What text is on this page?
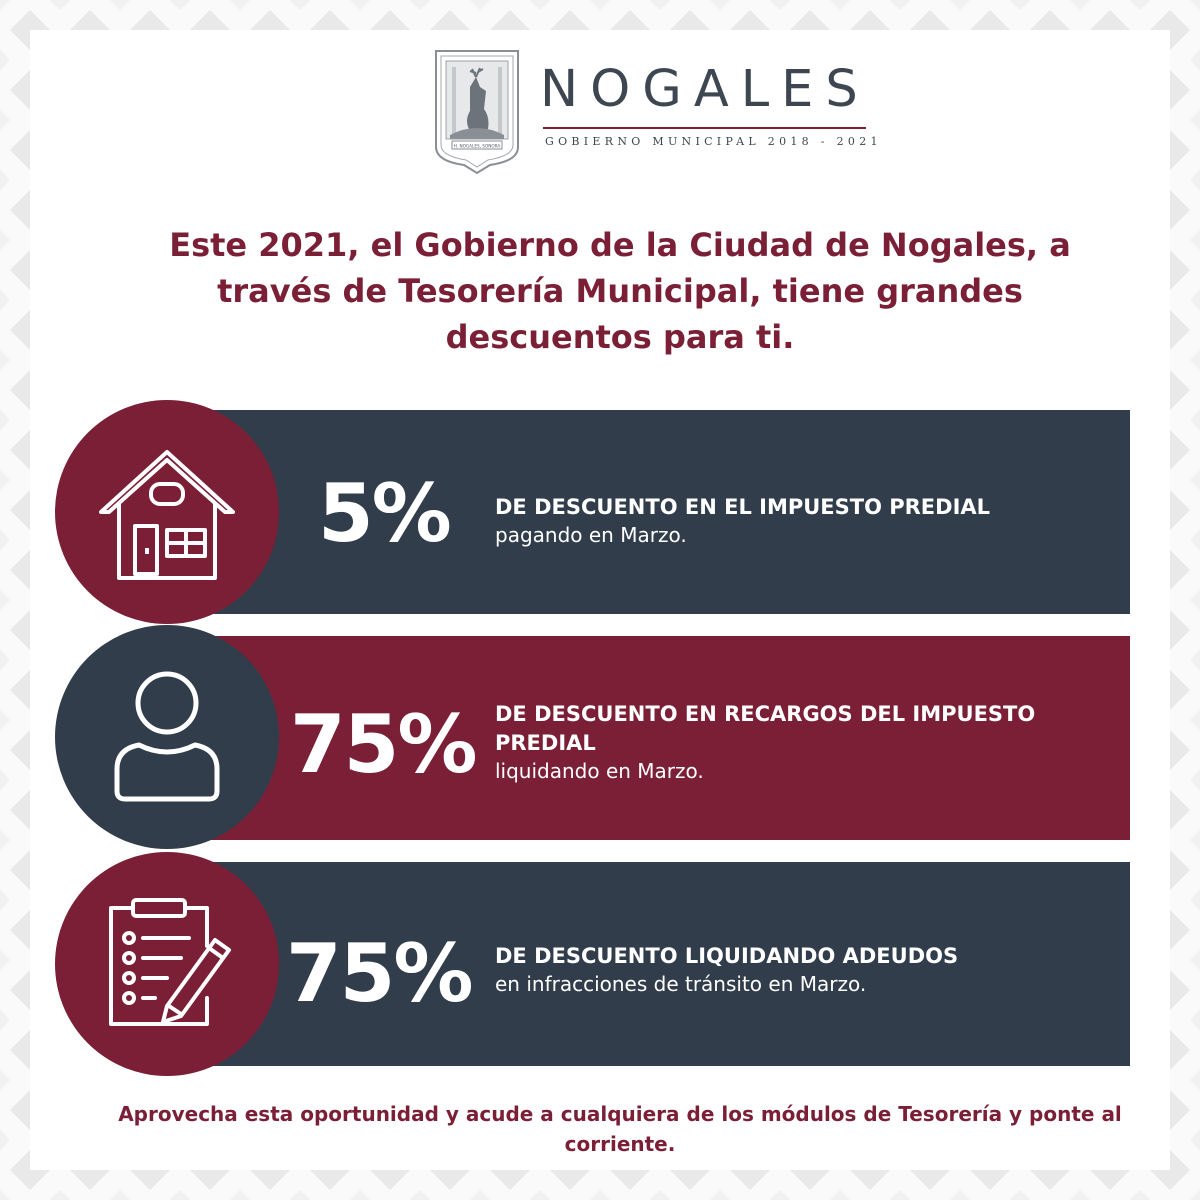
H. NOGALES, SONORA
NOGALES
GOBIERNO MUNICIPAL 2018 - 2021
Este 2021, el Gobierno de la Ciudad de Nogales, a través de Tesorería Municipal, tiene grandes descuentos para ti.
5% DE DESCUENTO EN EL IMPUESTO PREDIAL
pagando en Marzo.
75% DE DESCUENTO EN RECARGOS DEL IMPUESTO PREDIAL
liquidando en Marzo.
75% DE DESCUENTO LIQUIDANDO ADEUDOS
en infracciones de tránsito en Marzo.
Aprovecha esta oportunidad y acude a cualquiera de los módulos de Tesorería y ponte al corriente.
